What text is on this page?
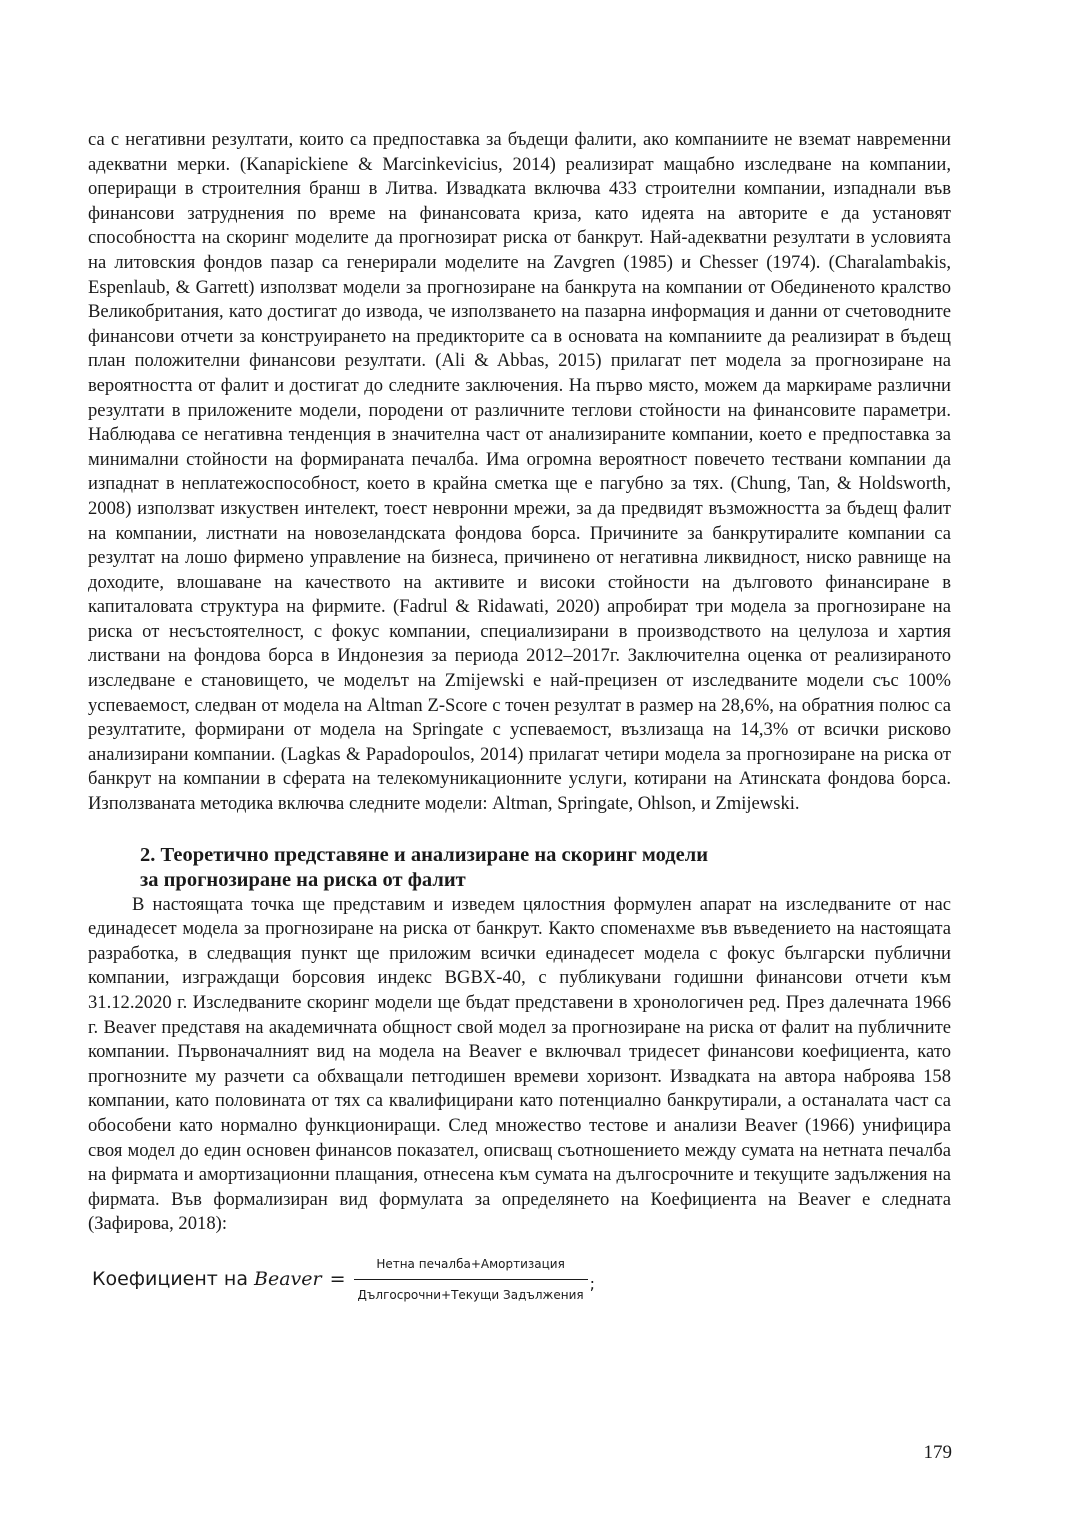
са с негативни резултати, които са предпоставка за бъдещи фалити, ако компаниите не вземат навременни адекватни мерки. (Kanapickiene & Marcinkevicius, 2014) реализират мащабно изследване на компании, опериращи в строителния бранш в Литва. Извадката включва 433 строителни компании, изпаднали във финансови затруднения по време на финансовата криза, като идеята на авторите е да установят способността на скоринг моделите да прогнозират риска от банкрут. Най-адекватни резултати в условията на литовския фондов пазар са генерирали моделите на Zavgren (1985) и Chesser (1974). (Charalambakis, Espenlaub, & Garrett) използват модели за прогнозиране на банкрута на компании от Обединеното кралство Великобритания, като достигат до извода, че използването на пазарна информация и данни от счетоводните финансови отчети за конструирането на предикторите са в основата на компаниите да реализират в бъдещ план положителни финансови резултати. (Ali & Abbas, 2015) прилагат пет модела за прогнозиране на вероятността от фалит и достигат до следните заключения. На първо място, можем да маркираме различни резултати в приложените модели, породени от различните теглови стойности на финансовите параметри. Наблюдава се негативна тенденция в значителна част от анализираните компании, което е предпоставка за минимални стойности на формираната печалба. Има огромна вероятност повечето тествани компании да изпаднат в неплатежоспособност, което в крайна сметка ще е пагубно за тях. (Chung, Tan, & Holdsworth, 2008) използват изкуствен интелект, тоест невронни мрежи, за да предвидят възможността за бъдещ фалит на компании, листнати на новозеландската фондова борса. Причините за банкрутиралите компании са резултат на лошо фирмено управление на бизнеса, причинено от негативна ликвидност, ниско равнище на доходите, влошаване на качеството на активите и високи стойности на дълговото финансиране в капиталовата структура на фирмите. (Fadrul & Ridawati, 2020) апробират три модела за прогнозиране на риска от несъстоятелност, с фокус компании, специализирани в производството на целулоза и хартия листвани на фондова борса в Индонезия за периода 2012–2017г. Заключителна оценка от реализираното изследване е становището, че моделът на Zmijewski е най-прецизен от изследваните модели със 100% успеваемост, следван от модела на Altman Z-Score с точен резултат в размер на 28,6%, на обратния полюс са резултатите, формирани от модела на Springate с успеваемост, възлизаща на 14,3% от всички рисково анализирани компании. (Lagkas & Papadopoulos, 2014) прилагат четири модела за прогнозиране на риска от банкрут на компании в сферата на телекомуникационните услуги, котирани на Атинската фондова борса. Използваната методика включва следните модели: Altman, Springate, Ohlson, и Zmijewski.

2. Теоретично представяне и анализиране на скоринг модели
за прогнозиране на риска от фалит

В настоящата точка ще представим и изведем цялостния формулен апарат на изследваните от нас единадесет модела за прогнозиране на риска от банкрут. Както споменахме във въведението на настоящата разработка, в следващия пункт ще приложим всички единадесет модела с фокус български публични компании, изграждащи борсовия индекс BGBX-40, с публикувани годишни финансови отчети към 31.12.2020 г. Изследваните скоринг модели ще бъдат представени в хронологичен ред. През далечната 1966 г. Beaver представя на академичната общност свой модел за прогнозиране на риска от фалит на публичните компании. Първоначалният вид на модела на Beaver е включвал тридесет финансови коефициента, като прогнозните му разчети са обхващали петгодишен времеви хоризонт. Извадката на автора наброява 158 компании, като половината от тях са квалифицирани като потенциално банкрутирали, а останалата част са обособени като нормално функциониращи. След множество тестове и анализи Beaver (1966) унифицира своя модел до един основен финансов показател, описващ съотношението между сумата на нетната печалба на фирмата и амортизационни плащания, отнесена към сумата на дългосрочните и текущите задължения на фирмата. Във формализиран вид формулата за определянето на Коефициента на Beaver е следната (Зафирова, 2018):

Коефициент на Beaver = $\frac{\text{Нетна печалба+Амортизация}}{\text{Дългосрочни+Текущи Задължения}}$ ;
179
